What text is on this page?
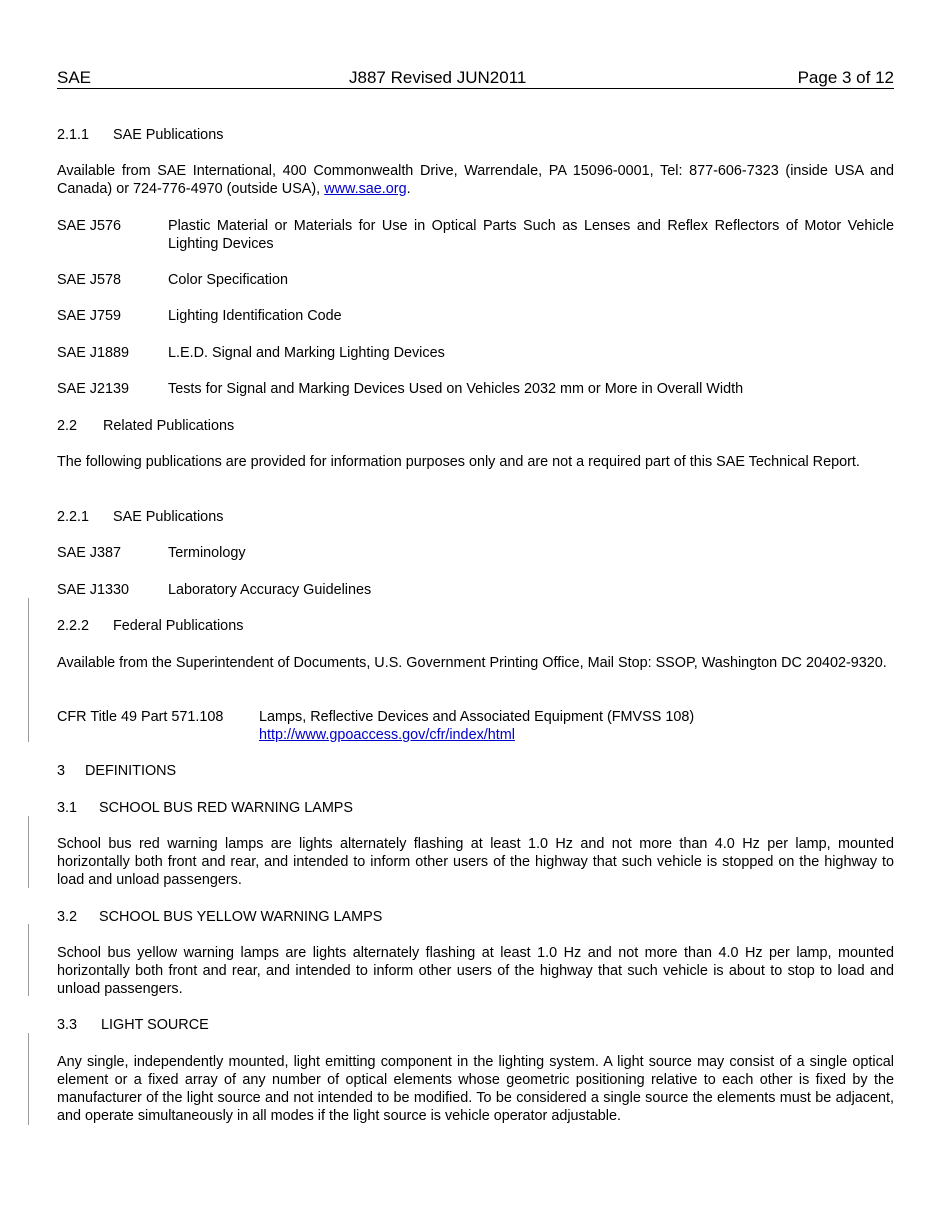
SAE	J887 Revised JUN2011	Page 3 of 12
2.1.1 SAE Publications
Available from SAE International, 400 Commonwealth Drive, Warrendale, PA 15096-0001, Tel: 877-606-7323 (inside USA and Canada) or 724-776-4970 (outside USA), www.sae.org.
SAE J576	Plastic Material or Materials for Use in Optical Parts Such as Lenses and Reflex Reflectors of Motor Vehicle Lighting Devices
SAE J578	Color Specification
SAE J759	Lighting Identification Code
SAE J1889	L.E.D. Signal and Marking Lighting Devices
SAE J2139	Tests for Signal and Marking Devices Used on Vehicles 2032 mm or More in Overall Width
2.2 Related Publications
The following publications are provided for information purposes only and are not a required part of this SAE Technical Report.
2.2.1 SAE Publications
SAE J387	Terminology
SAE J1330	Laboratory Accuracy Guidelines
2.2.2 Federal Publications
Available from the Superintendent of Documents, U.S. Government Printing Office, Mail Stop: SSOP, Washington DC 20402-9320.
CFR Title 49 Part 571.108 Lamps, Reflective Devices and Associated Equipment (FMVSS 108)
http://www.gpoaccess.gov/cfr/index/html
3 DEFINITIONS
3.1 SCHOOL BUS RED WARNING LAMPS
School bus red warning lamps are lights alternately flashing at least 1.0 Hz and not more than 4.0 Hz per lamp, mounted horizontally both front and rear, and intended to inform other users of the highway that such vehicle is stopped on the highway to load and unload passengers.
3.2 SCHOOL BUS YELLOW WARNING LAMPS
School bus yellow warning lamps are lights alternately flashing at least 1.0 Hz and not more than 4.0 Hz per lamp, mounted horizontally both front and rear, and intended to inform other users of the highway that such vehicle is about to stop to load and unload passengers.
3.3 LIGHT SOURCE
Any single, independently mounted, light emitting component in the lighting system. A light source may consist of a single optical element or a fixed array of any number of optical elements whose geometric positioning relative to each other is fixed by the manufacturer of the light source and not intended to be modified. To be considered a single source the elements must be adjacent, and operate simultaneously in all modes if the light source is vehicle operator adjustable.
